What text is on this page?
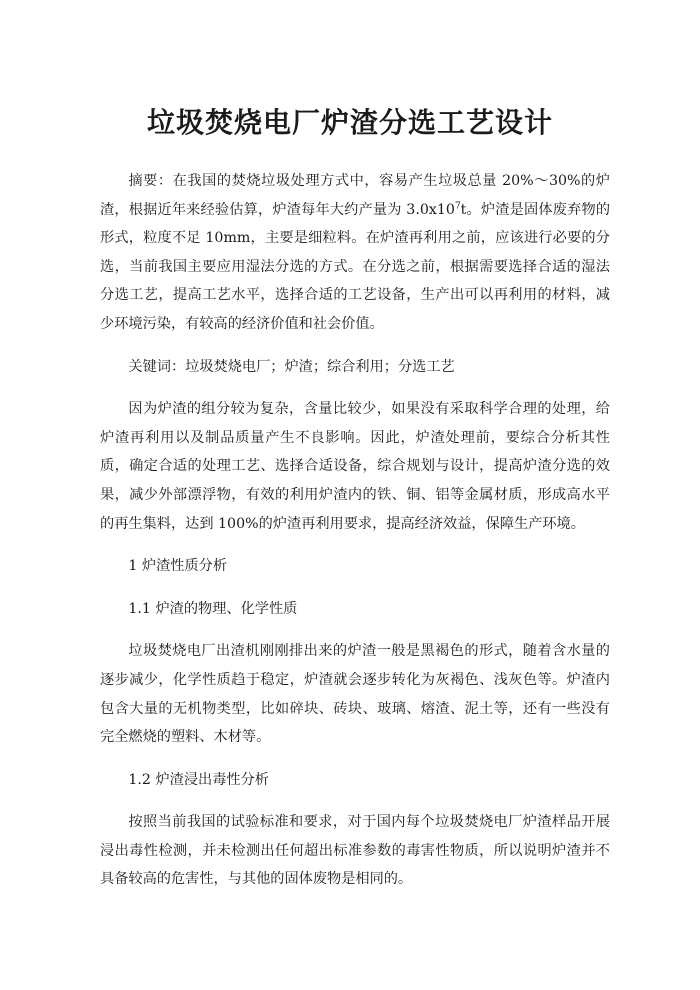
垃圾焚烧电厂炉渣分选工艺设计

摘要：在我国的焚烧垃圾处理方式中，容易产生垃圾总量 20%～30%的炉渣，根据近年来经验估算，炉渣每年大约产量为 $3.0x10^7t$。炉渣是固体废弃物的形式，粒度不足 10mm，主要是细粒料。在炉渣再利用之前，应该进行必要的分选，当前我国主要应用湿法分选的方式。在分选之前，根据需要选择合适的湿法分选工艺，提高工艺水平，选择合适的工艺设备，生产出可以再利用的材料，减少环境污染，有较高的经济价值和社会价值。

关键词：垃圾焚烧电厂；炉渣；综合利用；分选工艺

因为炉渣的组分较为复杂，含量比较少，如果没有采取科学合理的处理，给炉渣再利用以及制品质量产生不良影响。因此，炉渣处理前，要综合分析其性质，确定合适的处理工艺、选择合适设备，综合规划与设计，提高炉渣分选的效果，减少外部漂浮物，有效的利用炉渣内的铁、铜、铝等金属材质，形成高水平的再生集料，达到 100%的炉渣再利用要求，提高经济效益，保障生产环境。

1 炉渣性质分析

1.1 炉渣的物理、化学性质

垃圾焚烧电厂出渣机刚刚排出来的炉渣一般是黑褐色的形式，随着含水量的逐步减少，化学性质趋于稳定，炉渣就会逐步转化为灰褐色、浅灰色等。炉渣内包含大量的无机物类型，比如碎块、砖块、玻璃、熔渣、泥土等，还有一些没有完全燃烧的塑料、木材等。

1.2 炉渣浸出毒性分析

按照当前我国的试验标准和要求，对于国内每个垃圾焚烧电厂炉渣样品开展浸出毒性检测，并未检测出任何超出标准参数的毒害性物质，所以说明炉渣并不具备较高的危害性，与其他的固体废物是相同的。
